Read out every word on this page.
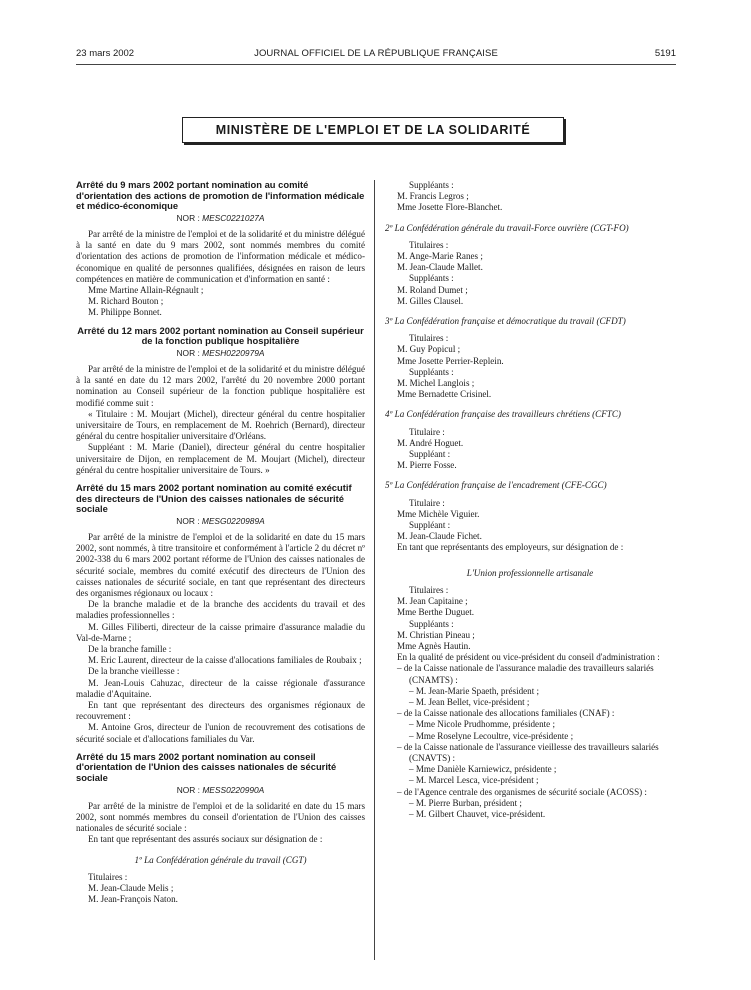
23 mars 2002	JOURNAL OFFICIEL DE LA RÉPUBLIQUE FRANÇAISE	5191
MINISTÈRE DE L'EMPLOI ET DE LA SOLIDARITÉ

Arrêté du 9 mars 2002 portant nomination au comité d'orientation des actions de promotion de l'information médicale et médico-économique

NOR : MESC0221027A

Par arrêté de la ministre de l'emploi et de la solidarité et du ministre délégué à la santé en date du 9 mars 2002, sont nommés membres du comité d'orientation des actions de promotion de l'information médicale et médico-économique en qualité de personnes qualifiées, désignées en raison de leurs compétences en matière de communication et d'information en santé :

Mme Martine Allain-Régnault ;

M. Richard Bouton ;

M. Philippe Bonnet.

Arrêté du 12 mars 2002 portant nomination au Conseil supérieur de la fonction publique hospitalière

NOR : MESH0220979A

Par arrêté de la ministre de l'emploi et de la solidarité et du ministre délégué à la santé en date du 12 mars 2002, l'arrêté du 20 novembre 2000 portant nomination au Conseil supérieur de la fonction publique hospitalière est modifié comme suit :

« Titulaire : M. Moujart (Michel), directeur général du centre hospitalier universitaire de Tours, en remplacement de M. Roehrich (Bernard), directeur général du centre hospitalier universitaire d'Orléans.

Suppléant : M. Marie (Daniel), directeur général du centre hospitalier universitaire de Dijon, en remplacement de M. Moujart (Michel), directeur général du centre hospitalier universitaire de Tours. »

Arrêté du 15 mars 2002 portant nomination au comité exécutif des directeurs de l'Union des caisses nationales de sécurité sociale

NOR : MESG0220989A

Par arrêté de la ministre de l'emploi et de la solidarité en date du 15 mars 2002, sont nommés, à titre transitoire et conformément à l'article 2 du décret nº 2002-338 du 6 mars 2002 portant réforme de l'Union des caisses nationales de sécurité sociale, membres du comité exécutif des directeurs de l'Union des caisses nationales de sécurité sociale, en tant que représentant des directeurs des organismes régionaux ou locaux :

De la branche maladie et de la branche des accidents du travail et des maladies professionnelles :

M. Gilles Filiberti, directeur de la caisse primaire d'assurance maladie du Val-de-Marne ;

De la branche famille :

M. Eric Laurent, directeur de la caisse d'allocations familiales de Roubaix ;

De la branche vieillesse :

M. Jean-Louis Cahuzac, directeur de la caisse régionale d'assurance maladie d'Aquitaine.

En tant que représentant des directeurs des organismes régionaux de recouvrement :

M. Antoine Gros, directeur de l'union de recouvrement des cotisations de sécurité sociale et d'allocations familiales du Var.

Arrêté du 15 mars 2002 portant nomination au conseil d'orientation de l'Union des caisses nationales de sécurité sociale

NOR : MESS0220990A

Par arrêté de la ministre de l'emploi et de la solidarité en date du 15 mars 2002, sont nommés membres du conseil d'orientation de l'Union des caisses nationales de sécurité sociale :

En tant que représentant des assurés sociaux sur désignation de :

1º La Confédération générale du travail (CGT)

Titulaires :

M. Jean-Claude Melis ;

M. Jean-François Naton.

Suppléants :

M. Francis Legros ;

Mme Josette Flore-Blanchet.

2º La Confédération générale du travail-Force ouvrière (CGT-FO)

Titulaires :

M. Ange-Marie Ranes ;

M. Jean-Claude Mallet.

Suppléants :

M. Roland Dumet ;

M. Gilles Clausel.

3º La Confédération française et démocratique du travail (CFDT)

Titulaires :

M. Guy Popicul ;

Mme Josette Perrier-Replein.

Suppléants :

M. Michel Langlois ;

Mme Bernadette Crisinel.

4º La Confédération française des travailleurs chrétiens (CFTC)

Titulaire :

M. André Hoguet.

Suppléant :

M. Pierre Fosse.

5º La Confédération française de l'encadrement (CFE-CGC)

Titulaire :

Mme Michèle Viguier.

Suppléant :

M. Jean-Claude Fichet.

En tant que représentants des employeurs, sur désignation de :

L'Union professionnelle artisanale

Titulaires :

M. Jean Capitaine ;

Mme Berthe Duguet.

Suppléants :

M. Christian Pineau ;

Mme Agnès Hautin.

En la qualité de président ou vice-président du conseil d'administration :

– de la Caisse nationale de l'assurance maladie des travailleurs salariés (CNAMTS) :

– M. Jean-Marie Spaeth, président ;

– M. Jean Bellet, vice-président ;

– de la Caisse nationale des allocations familiales (CNAF) :

– Mme Nicole Prudhomme, présidente ;

– Mme Roselyne Lecoultre, vice-présidente ;

– de la Caisse nationale de l'assurance vieillesse des travailleurs salariés (CNAVTS) :

– Mme Danièle Karniewicz, présidente ;

– M. Marcel Lesca, vice-président ;

– de l'Agence centrale des organismes de sécurité sociale (ACOSS) :

– M. Pierre Burban, président ;

– M. Gilbert Chauvet, vice-président.
